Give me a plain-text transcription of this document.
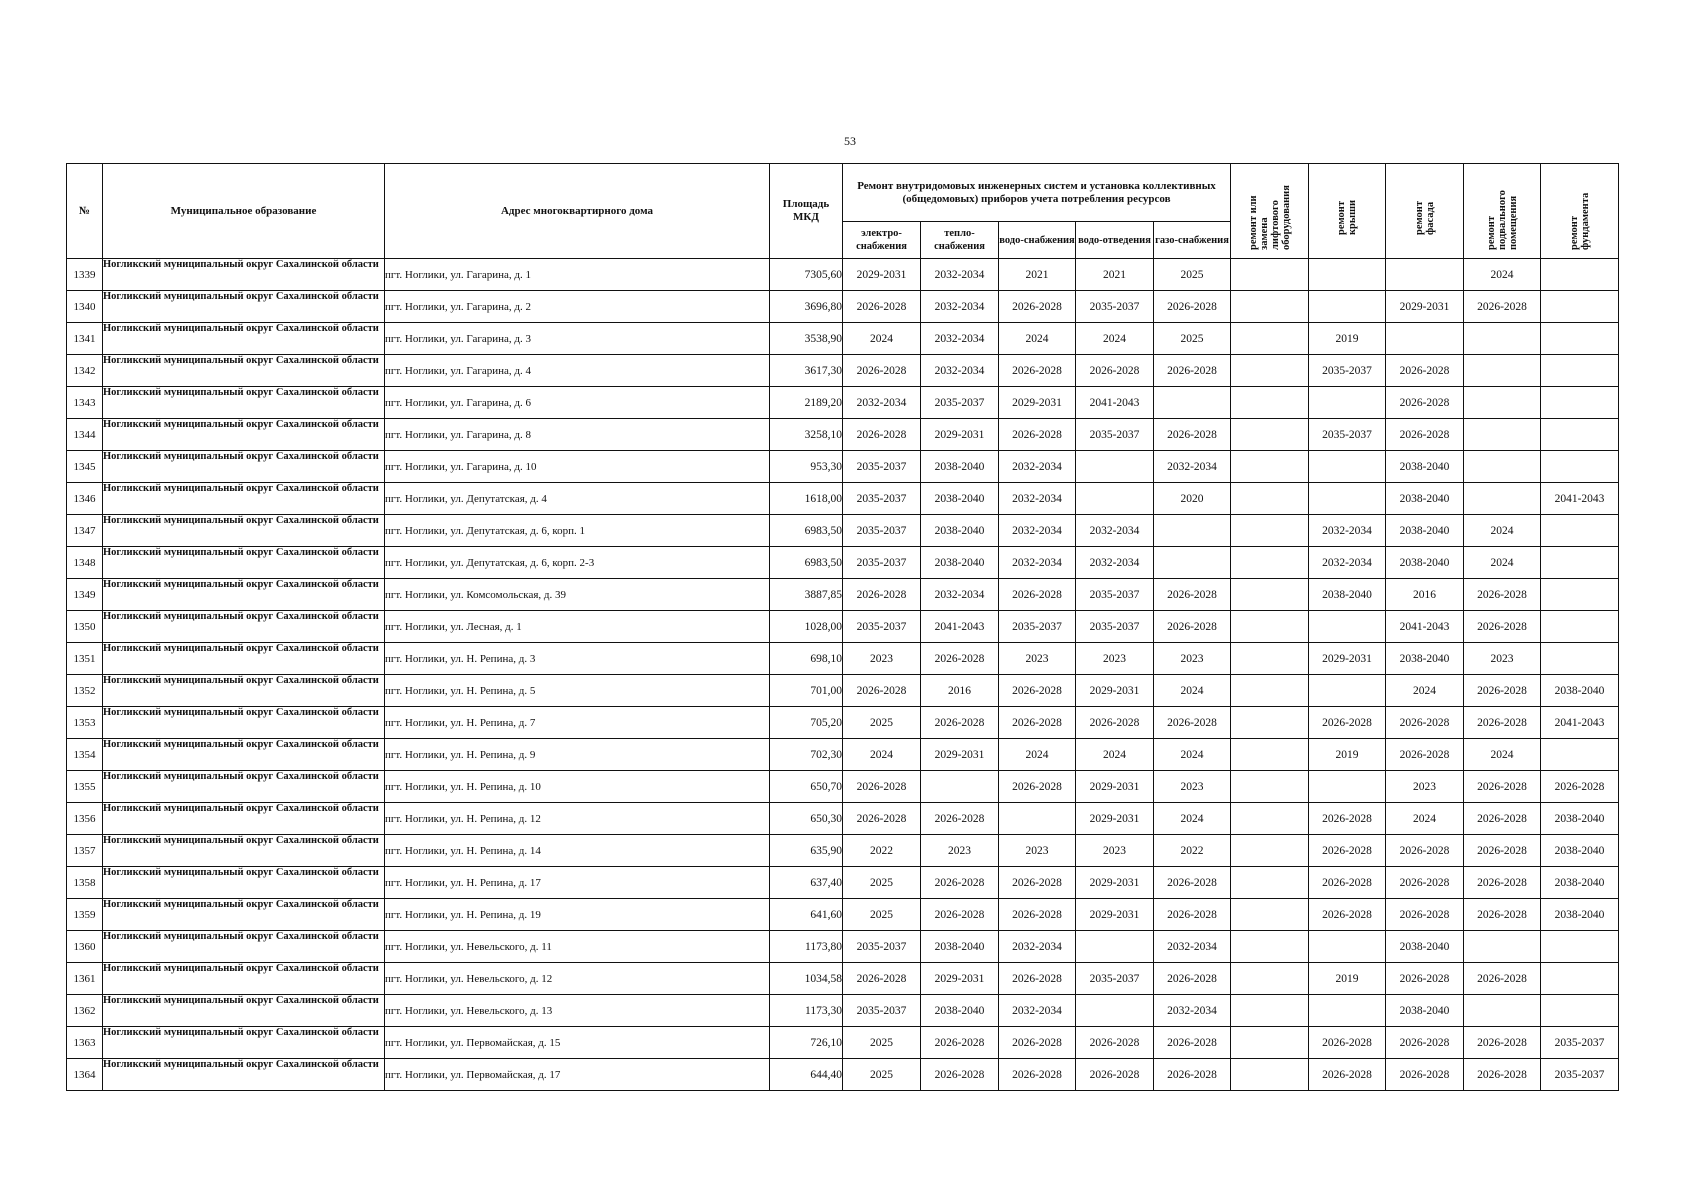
53
№	Муниципальное образование	Адрес многоквартирного дома	Площадь МКД	Ремонт внутридомовых инженерных систем и установка коллективных (общедомовых) приборов учета потребления ресурсов					ремонт или замена лифтового оборудования	ремонт крыши	ремонт фасада	ремонт подвального помещения	ремонт фундамента
				электро-снабжения	тепло-снабжения	водо-снабжения	водо-отведения	газо-снабжения					
1339	Ногликский муниципальный округ Сахалинской области	пгт. Ноглики, ул. Гагарина, д. 1	7305,60	2029-2031	2032-2034	2021	2021	2025				2024	
1340	Ногликский муниципальный округ Сахалинской области	пгт. Ноглики, ул. Гагарина, д. 2	3696,80	2026-2028	2032-2034	2026-2028	2035-2037	2026-2028			2029-2031	2026-2028	
1341	Ногликский муниципальный округ Сахалинской области	пгт. Ноглики, ул. Гагарина, д. 3	3538,90	2024	2032-2034	2024	2024	2025		2019			
1342	Ногликский муниципальный округ Сахалинской области	пгт. Ноглики, ул. Гагарина, д. 4	3617,30	2026-2028	2032-2034	2026-2028	2026-2028	2026-2028		2035-2037	2026-2028		
1343	Ногликский муниципальный округ Сахалинской области	пгт. Ноглики, ул. Гагарина, д. 6	2189,20	2032-2034	2035-2037	2029-2031	2041-2043				2026-2028		
1344	Ногликский муниципальный округ Сахалинской области	пгт. Ноглики, ул. Гагарина, д. 8	3258,10	2026-2028	2029-2031	2026-2028	2035-2037	2026-2028		2035-2037	2026-2028		
1345	Ногликский муниципальный округ Сахалинской области	пгт. Ноглики, ул. Гагарина, д. 10	953,30	2035-2037	2038-2040	2032-2034		2032-2034			2038-2040		
1346	Ногликский муниципальный округ Сахалинской области	пгт. Ноглики, ул. Депутатская, д. 4	1618,00	2035-2037	2038-2040	2032-2034		2020			2038-2040		2041-2043
1347	Ногликский муниципальный округ Сахалинской области	пгт. Ноглики, ул. Депутатская, д. 6, корп. 1	6983,50	2035-2037	2038-2040	2032-2034	2032-2034			2032-2034	2038-2040	2024	
1348	Ногликский муниципальный округ Сахалинской области	пгт. Ноглики, ул. Депутатская, д. 6, корп. 2-3	6983,50	2035-2037	2038-2040	2032-2034	2032-2034			2032-2034	2038-2040	2024	
1349	Ногликский муниципальный округ Сахалинской области	пгт. Ноглики, ул. Комсомольская, д. 39	3887,85	2026-2028	2032-2034	2026-2028	2035-2037	2026-2028		2038-2040	2016	2026-2028	
1350	Ногликский муниципальный округ Сахалинской области	пгт. Ноглики, ул. Лесная, д. 1	1028,00	2035-2037	2041-2043	2035-2037	2035-2037	2026-2028			2041-2043	2026-2028	
1351	Ногликский муниципальный округ Сахалинской области	пгт. Ноглики, ул. Н. Репина, д. 3	698,10	2023	2026-2028	2023	2023	2023		2029-2031	2038-2040	2023	
1352	Ногликский муниципальный округ Сахалинской области	пгт. Ноглики, ул. Н. Репина, д. 5	701,00	2026-2028	2016	2026-2028	2029-2031	2024			2024	2026-2028	2038-2040
1353	Ногликский муниципальный округ Сахалинской области	пгт. Ноглики, ул. Н. Репина, д. 7	705,20	2025	2026-2028	2026-2028	2026-2028	2026-2028		2026-2028	2026-2028	2026-2028	2041-2043
1354	Ногликский муниципальный округ Сахалинской области	пгт. Ноглики, ул. Н. Репина, д. 9	702,30	2024	2029-2031	2024	2024	2024		2019	2026-2028	2024	
1355	Ногликский муниципальный округ Сахалинской области	пгт. Ноглики, ул. Н. Репина, д. 10	650,70	2026-2028		2026-2028	2029-2031	2023			2023	2026-2028	2026-2028
1356	Ногликский муниципальный округ Сахалинской области	пгт. Ноглики, ул. Н. Репина, д. 12	650,30	2026-2028	2026-2028		2029-2031	2024		2026-2028	2024	2026-2028	2038-2040
1357	Ногликский муниципальный округ Сахалинской области	пгт. Ноглики, ул. Н. Репина, д. 14	635,90	2022	2023	2023	2023	2022		2026-2028	2026-2028	2026-2028	2038-2040
1358	Ногликский муниципальный округ Сахалинской области	пгт. Ноглики, ул. Н. Репина, д. 17	637,40	2025	2026-2028	2026-2028	2029-2031	2026-2028		2026-2028	2026-2028	2026-2028	2038-2040
1359	Ногликский муниципальный округ Сахалинской области	пгт. Ноглики, ул. Н. Репина, д. 19	641,60	2025	2026-2028	2026-2028	2029-2031	2026-2028		2026-2028	2026-2028	2026-2028	2038-2040
1360	Ногликский муниципальный округ Сахалинской области	пгт. Ноглики, ул. Невельского, д. 11	1173,80	2035-2037	2038-2040	2032-2034		2032-2034			2038-2040		
1361	Ногликский муниципальный округ Сахалинской области	пгт. Ноглики, ул. Невельского, д. 12	1034,58	2026-2028	2029-2031	2026-2028	2035-2037	2026-2028		2019	2026-2028	2026-2028	
1362	Ногликский муниципальный округ Сахалинской области	пгт. Ноглики, ул. Невельского, д. 13	1173,30	2035-2037	2038-2040	2032-2034		2032-2034			2038-2040		
1363	Ногликский муниципальный округ Сахалинской области	пгт. Ноглики, ул. Первомайская, д. 15	726,10	2025	2026-2028	2026-2028	2026-2028	2026-2028		2026-2028	2026-2028	2026-2028	2035-2037
1364	Ногликский муниципальный округ Сахалинской области	пгт. Ноглики, ул. Первомайская, д. 17	644,40	2025	2026-2028	2026-2028	2026-2028	2026-2028		2026-2028	2026-2028	2026-2028	2035-2037
